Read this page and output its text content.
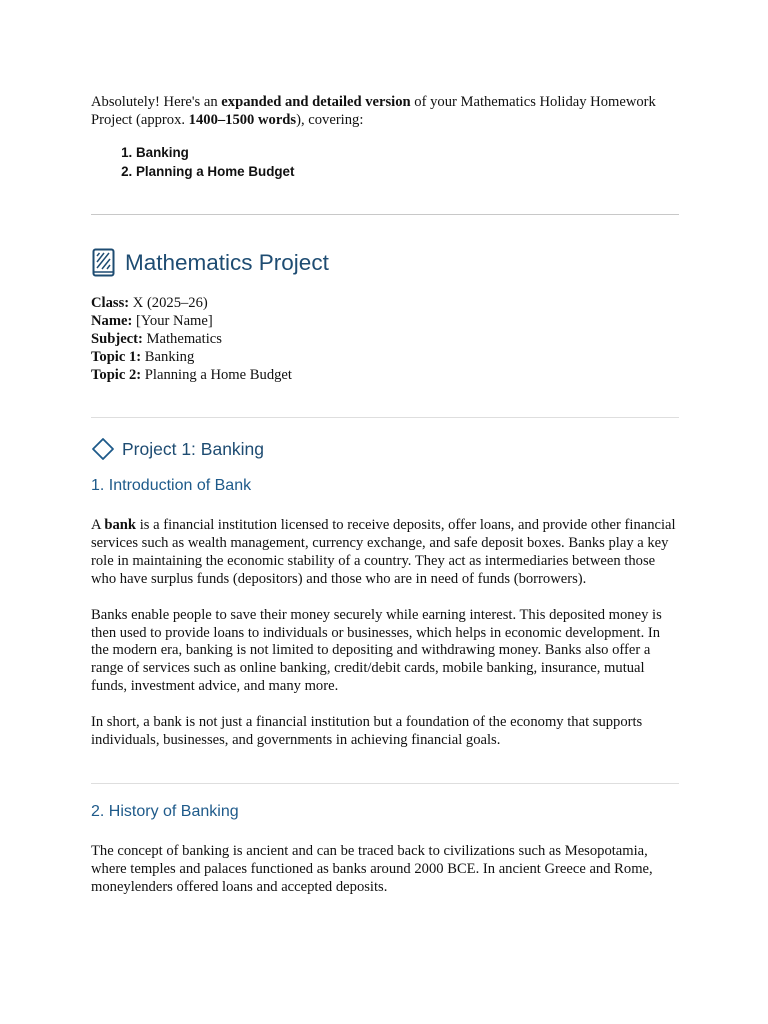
Absolutely! Here's an expanded and detailed version of your Mathematics Holiday Homework Project (approx. 1400–1500 words), covering:

1. Banking
2. Planning a Home Budget
Mathematics Project

Class: X (2025–26)

Name: [Your Name]

Subject: Mathematics

Topic 1: Banking

Topic 2: Planning a Home Budget

Project 1: Banking
1. Introduction of Bank

A bank is a financial institution licensed to receive deposits, offer loans, and provide other financial services such as wealth management, currency exchange, and safe deposit boxes. Banks play a key role in maintaining the economic stability of a country. They act as intermediaries between those who have surplus funds (depositors) and those who are in need of funds (borrowers).

Banks enable people to save their money securely while earning interest. This deposited money is then used to provide loans to individuals or businesses, which helps in economic development. In the modern era, banking is not limited to depositing and withdrawing money. Banks also offer a range of services such as online banking, credit/debit cards, mobile banking, insurance, mutual funds, investment advice, and many more.

In short, a bank is not just a financial institution but a foundation of the economy that supports individuals, businesses, and governments in achieving financial goals.

2. History of Banking

The concept of banking is ancient and can be traced back to civilizations such as Mesopotamia, where temples and palaces functioned as banks around 2000 BCE. In ancient Greece and Rome, moneylenders offered loans and accepted deposits.
